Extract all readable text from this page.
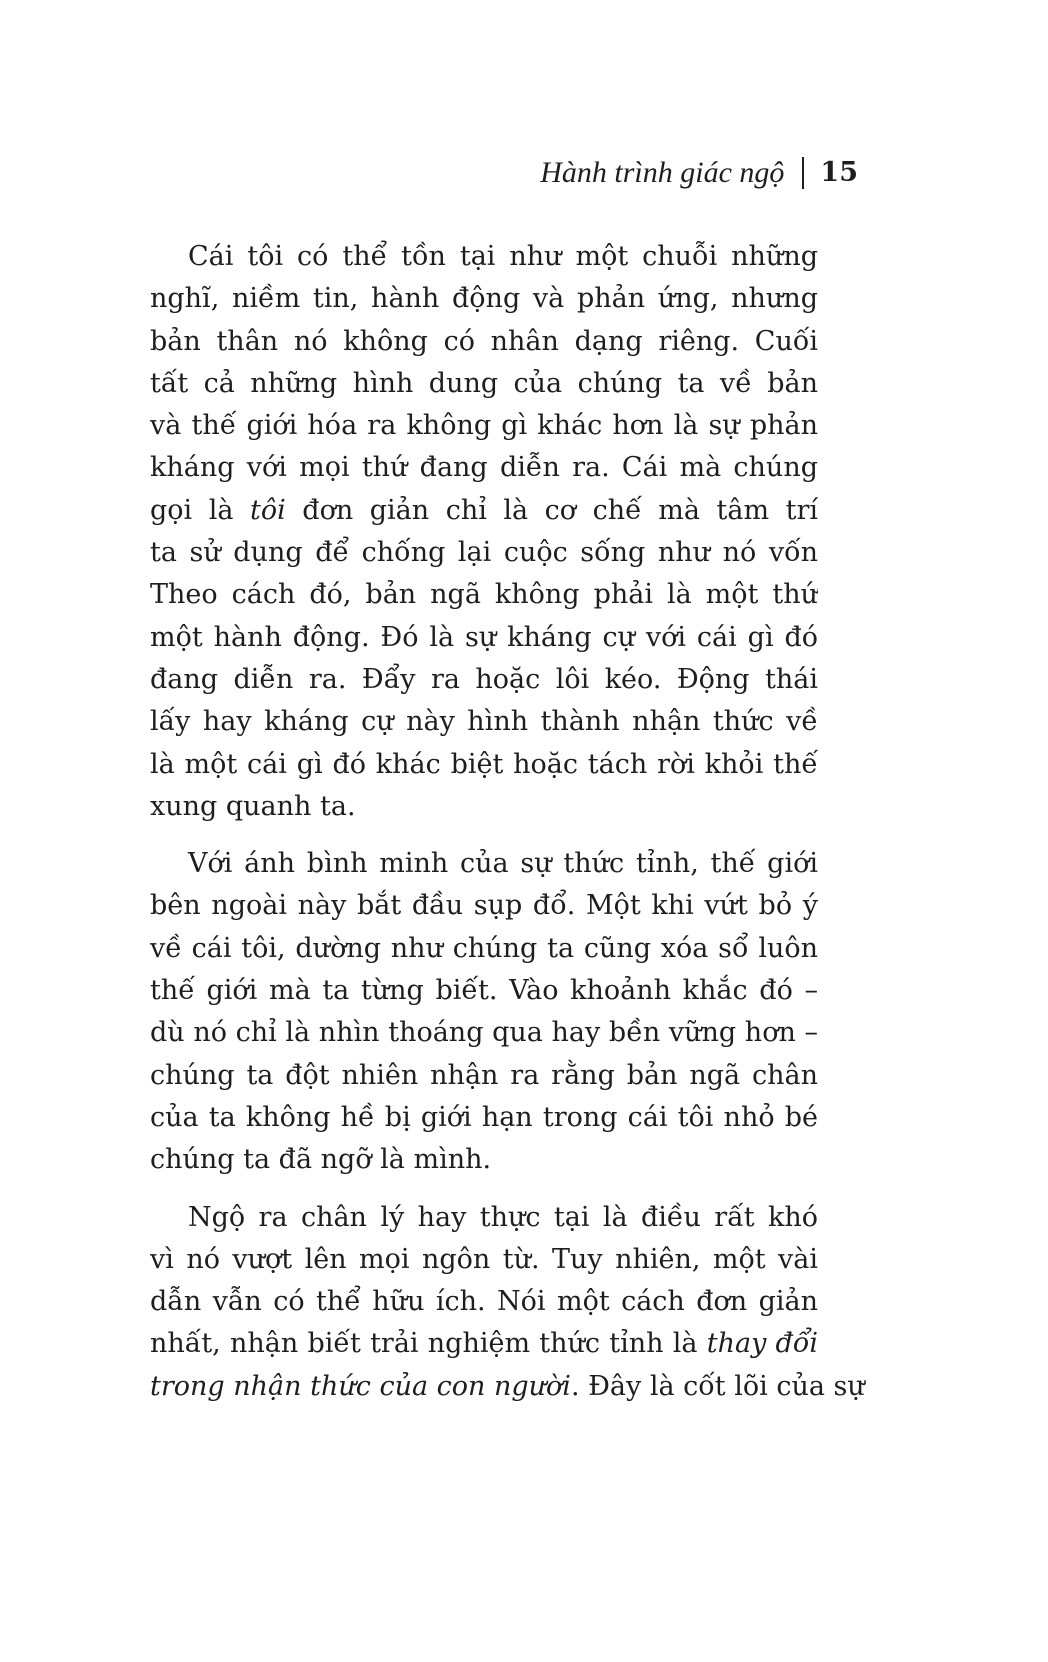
Hành trình giác ngộ 15
Cái tôi có thể tồn tại như một chuỗi những
nghĩ, niềm tin, hành động và phản ứng, nhưng
bản thân nó không có nhân dạng riêng. Cuối
tất cả những hình dung của chúng ta về bản
và thế giới hóa ra không gì khác hơn là sự phản
kháng với mọi thứ đang diễn ra. Cái mà chúng
gọi là tôi đơn giản chỉ là cơ chế mà tâm trí
ta sử dụng để chống lại cuộc sống như nó vốn
Theo cách đó, bản ngã không phải là một thứ
một hành động. Đó là sự kháng cự với cái gì đó
đang diễn ra. Đẩy ra hoặc lôi kéo. Động thái
lấy hay kháng cự này hình thành nhận thức về
là một cái gì đó khác biệt hoặc tách rời khỏi thế
xung quanh ta.
Với ánh bình minh của sự thức tỉnh, thế giới
bên ngoài này bắt đầu sụp đổ. Một khi vứt bỏ ý
về cái tôi, dường như chúng ta cũng xóa sổ luôn
thế giới mà ta từng biết. Vào khoảnh khắc đó –
dù nó chỉ là nhìn thoáng qua hay bền vững hơn –
chúng ta đột nhiên nhận ra rằng bản ngã chân
của ta không hề bị giới hạn trong cái tôi nhỏ bé
chúng ta đã ngỡ là mình.
Ngộ ra chân lý hay thực tại là điều rất khó
vì nó vượt lên mọi ngôn từ. Tuy nhiên, một vài
dẫn vẫn có thể hữu ích. Nói một cách đơn giản
nhất, nhận biết trải nghiệm thức tỉnh là thay đổi
trong nhận thức của con người. Đây là cốt lõi của sự
